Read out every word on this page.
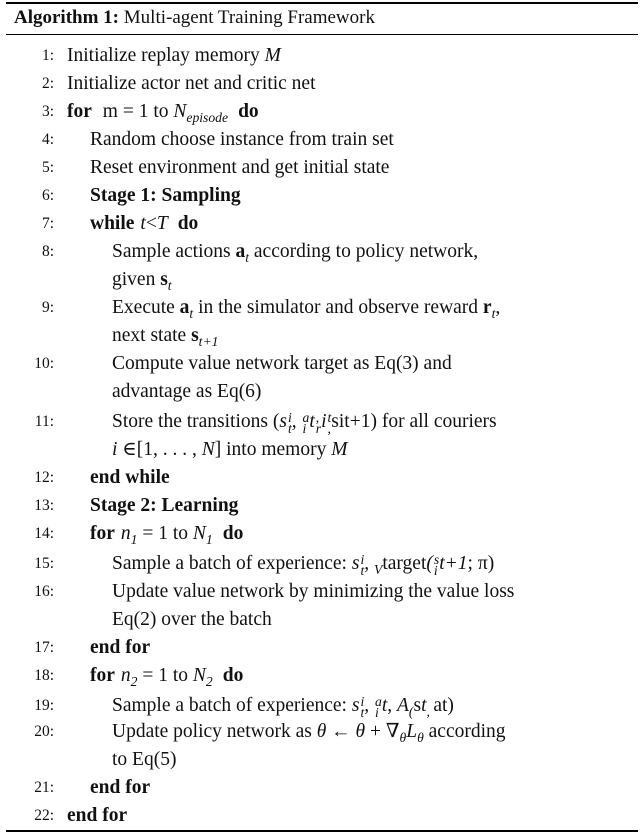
Algorithm 1: Multi-agent Training Framework
1: Initialize replay memory M
2: Initialize actor net and critic net
3: for m = 1 to $N_{episode}$ do
4: Random choose instance from train set
5: Reset environment and get initial state
6: Stage 1: Sampling
7: while t<T do
8:	Sample actions $a_t$ according to policy network,
given $s_t$
9:	Execute $a_t$ in the simulator and observe reward $r_t$,
next state $s_{t+1}$
10:	Compute value network target as Eq(3) and
advantage as Eq(6)
11:	Store the transitions (s i
t , a
i t ,
r i t
, sit+1) for all couriers
i ∈[1, . . . , N] into memory M
12: end while
13: Stage 2: Learning
14: for $n_1 = 1$ to $N_1$ do
15:	Sample a batch of experience: s i
t , $_V$target( s
i t+1; π)
16:	Update value network by minimizing the value loss
Eq(2) over the batch
17: end for
18: for $n_2 = 1$ to $N_2$ do
19:	Sample a batch of experience: s i
t , a
i t, $A_(st_,$ at)
20:	Update policy network as θ ← $\theta + \nabla_\theta L_\theta$ according
to Eq(5)
21: end for
22: end for
